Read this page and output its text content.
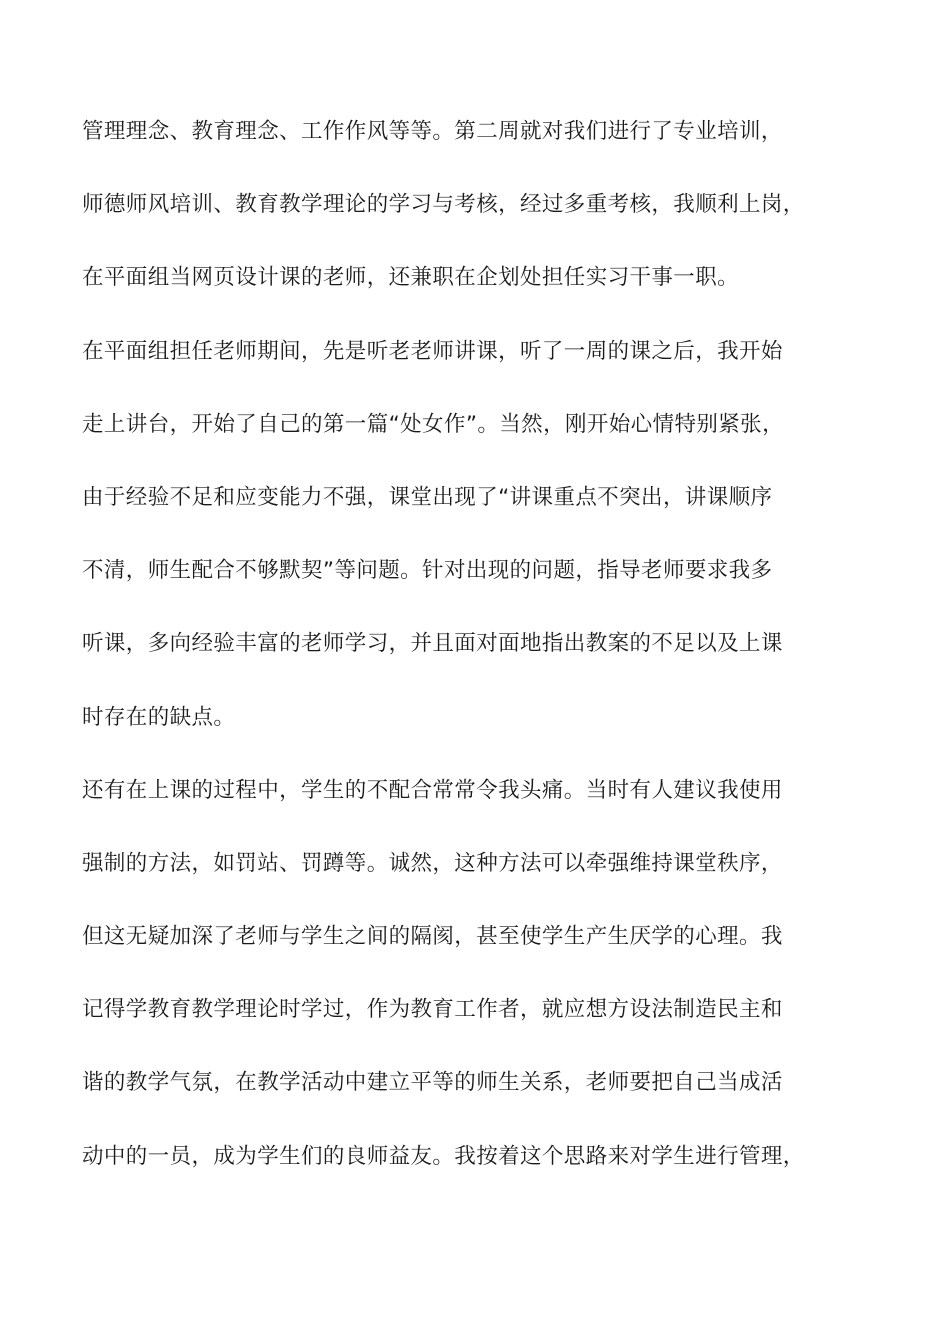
管理理念、教育理念、工作作风等等。第二周就对我们进行了专业培训，
师德师风培训、教育教学理论的学习与考核，经过多重考核，我顺利上岗，
在平面组当网页设计课的老师，还兼职在企划处担任实习干事一职。
在平面组担任老师期间，先是听老老师讲课，听了一周的课之后，我开始
走上讲台，开始了自己的第一篇“处女作”。当然，刚开始心情特别紧张，
由于经验不足和应变能力不强，课堂出现了“讲课重点不突出，讲课顺序
不清，师生配合不够默契”等问题。针对出现的问题，指导老师要求我多
听课，多向经验丰富的老师学习，并且面对面地指出教案的不足以及上课
时存在的缺点。
还有在上课的过程中，学生的不配合常常令我头痛。当时有人建议我使用
强制的方法，如罚站、罚蹲等。诚然，这种方法可以牵强维持课堂秩序，
但这无疑加深了老师与学生之间的隔阂，甚至使学生产生厌学的心理。我
记得学教育教学理论时学过，作为教育工作者，就应想方设法制造民主和
谐的教学气氛，在教学活动中建立平等的师生关系，老师要把自己当成活
动中的一员，成为学生们的良师益友。我按着这个思路来对学生进行管理，
